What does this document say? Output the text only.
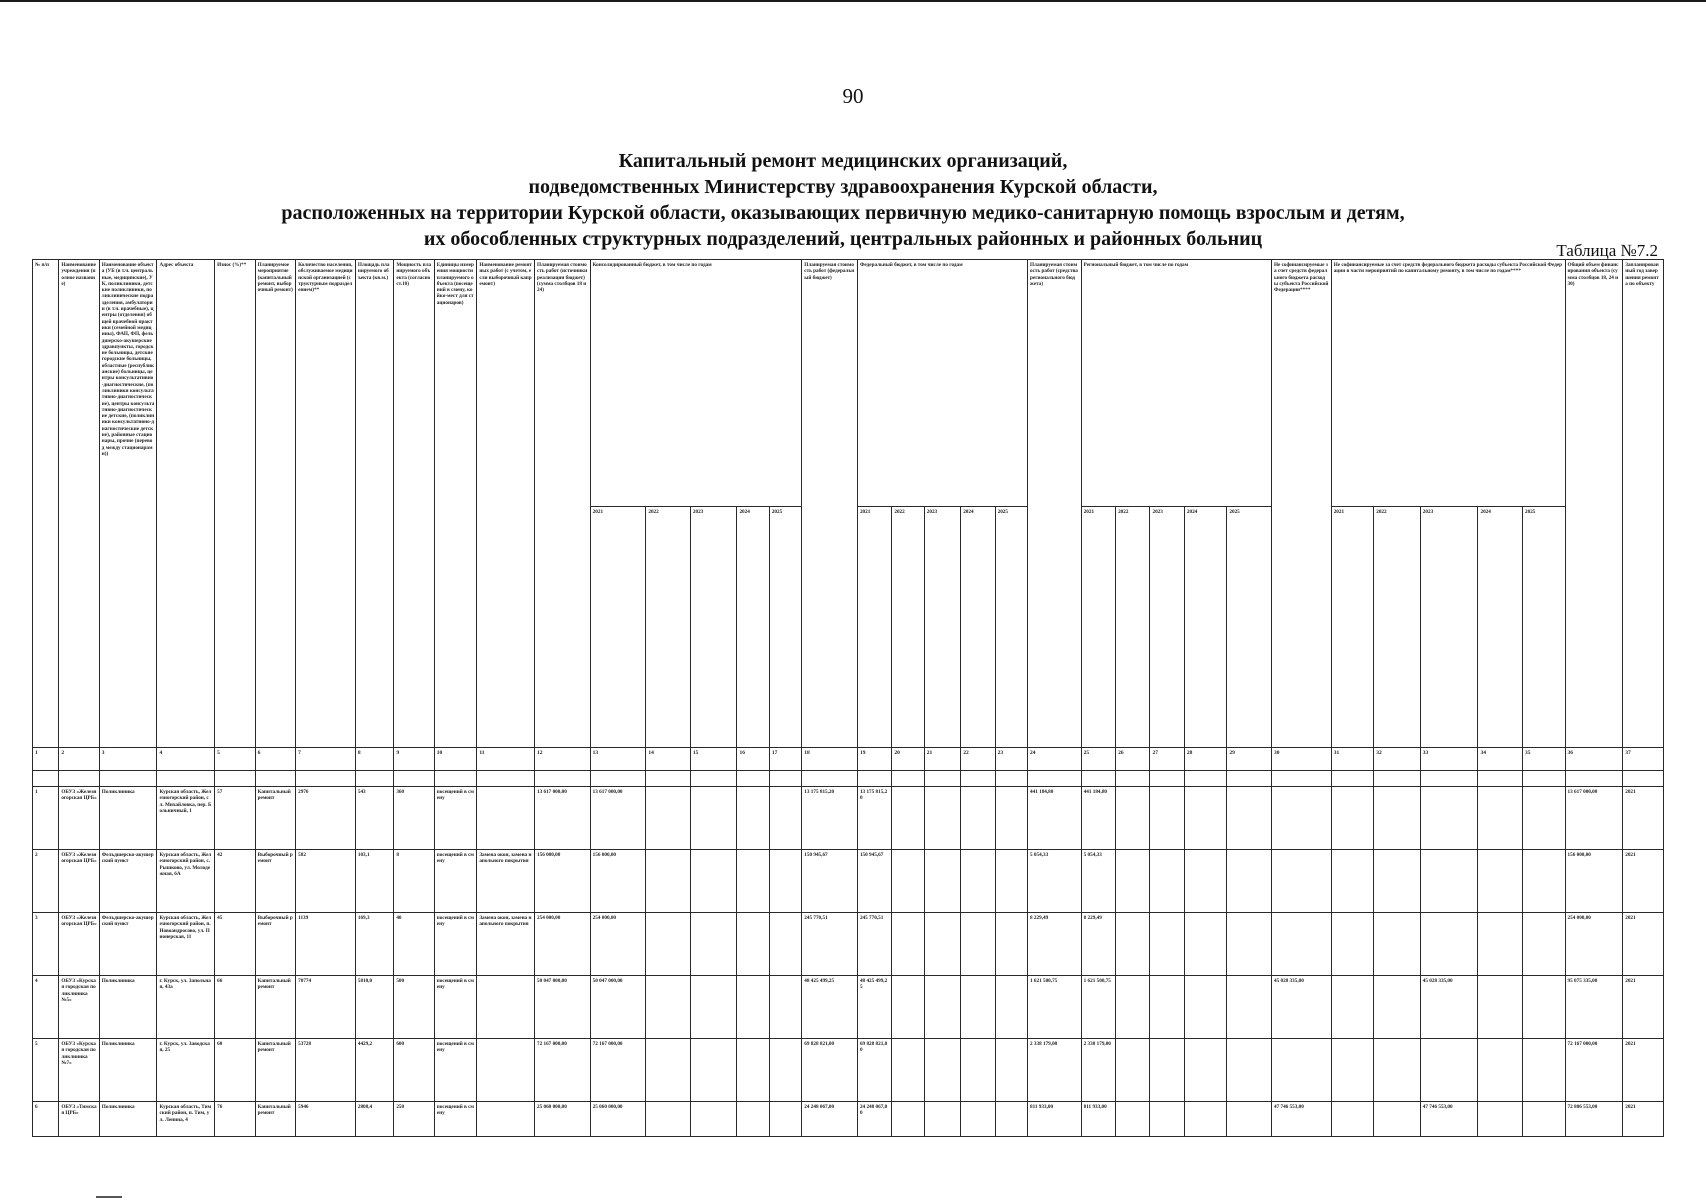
90
Капитальный ремонт медицинских организаций,
подведомственных Министерству здравоохранения Курской области,
расположенных на территории Курской области, оказывающих первичную медико-санитарную помощь взрослым и детям,
их обособленных структурных подразделений, центральных районных и районных больниц
Таблица №7.2
№ п/п	Наименование учреждения (полное название)	Наименование объекта (УБ (в т.ч. центральные, медицинские), УК, поликлиники, детские поликлиники, поликлинические подразделения, амбулатории (в т.ч. врачебные), центры (отделения) общей врачебной практики (семейной медицины), ФАП, ФП, фельдшерско-акушерские здравпункты, городские больницы, детские городские больницы, областные (республиканские) больницы, центры консультативно-диагностические, (поликлиники консультативно-диагностические), центры консультативно-диагностические детские, (поликлиники консультативно-диагностические детские), районные стационары, прочие (перевод между стационарами))	Адрес объекта	Износ (%)**	Планируемое мероприятие (капитальный ремонт, выборочный ремонт)	Количество населения, обслуживаемое медицинской организацией (структурным подразделением)**	Площадь планируемого объекта (кв.м.)	Мощность планируемого объекта (согласно ст.10)	Единицы измерения мощности планируемого объекта (посещений в смену, койко-мест для стационаров)	Наименование ремонтных работ (с учетом, если выборочный капремонт)	Планируемая стоимость работ (источники реализации бюджет) (сумма столбцов 18 и 24)	Консолидированный бюджет, в том числе по годам					Планируемая стоимость работ (федеральный бюджет)	Федеральный бюджет, в том числе по годам					Планируемая стоимость работ (средства регионального бюджета)	Региональный бюджет, в том числе по годам					Не софинансируемые за счет средств федерального бюджета расходы субъекта Российской Федерации****	Не софинансируемые за счет средств федерального бюджета расходы субъекта Российской Федерации в части мероприятий по капитальному ремонту, в том числе по годам****					Общий объем финансирования объекта (сумма столбцов 18, 24 и 30)	Запланированный год завершения ремонта по объекту
												2021	2022	2023	2024	2025		2021	2022	2023	2024	2025		2021	2022	2023	2024	2025		2021	2022	2023	2024	2025		
1	2	3	4	5	6	7	8	9	10	11	12	13	14	15	16	17	18	19	20	21	22	23	24	25	26	27	28	29	30	31	32	33	34	35	36	37

1	ОБУЗ «Железногорская ЦРБ»	Поликлиника	Курская область, Железногорский район, сл. Михайловка, пер. Больничный, 1	57	Капитальный ремонт	2976	543	360	посещений в смену		13 617 000,00	13 617 000,00					13 175 815,20	13 175 815,20					441 184,80	441 184,80											13 617 000,00	2021
2	ОБУЗ «Железногорская ЦРБ»	Фельдшерско-акушерский пункт	Курская область, Железногорский район, с. Рышково, ул. Молодежная, 6А	42	Выборочный ремонт	582	103,1	8	посещений в смену	Замена окон, замена напольного покрытия	156 000,00	156 000,00					150 945,67	150 945,67					5 054,33	5 054,33											156 000,00	2021
3	ОБУЗ «Железногорская ЦРБ»	Фельдшерско-акушерский пункт	Курская область, Железногорский район, п. Новоандросово, ул. Пионерская, 11	45	Выборочный ремонт	1139	169,3	40	посещений в смену	Замена окон, замена напольного покрытия	254 000,00	254 000,00					245 770,51	245 770,51					8 229,49	8 229,49											254 000,00	2021
4	ОБУЗ «Курская городская поликлиника №5»	Поликлиника	г. Курск, ул. Запольная, 43а	66	Капитальный ремонт	70774	5810,0	500	посещений в смену		50 047 000,00	50 047 000,00					48 425 499,25	48 425 499,25					1 621 500,75	1 621 500,75					45 028 335,00			45 028 335,00			95 075 335,00	2021
5	ОБУЗ «Курская городская поликлиника №7»	Поликлиника	г. Курск, ул. Заводская, 25	60	Капитальный ремонт	53728	4429,2	600	посещений в смену		72 167 000,00	72 167 000,00					69 828 821,00	69 828 821,00					2 338 179,00	2 338 179,00											72 167 000,00	2021
6	ОБУЗ «Тимская ЦРБ»	Поликлиника	Курская область, Тимский район, п. Тим, ул. Ленина, 4	76	Капитальный ремонт	5946	2808,4	250	посещений в смену		25 060 000,00	25 060 000,00					24 248 067,00	24 248 067,00					811 933,00	811 933,00					47 746 553,00			47 746 553,00			72 806 553,00	2021
